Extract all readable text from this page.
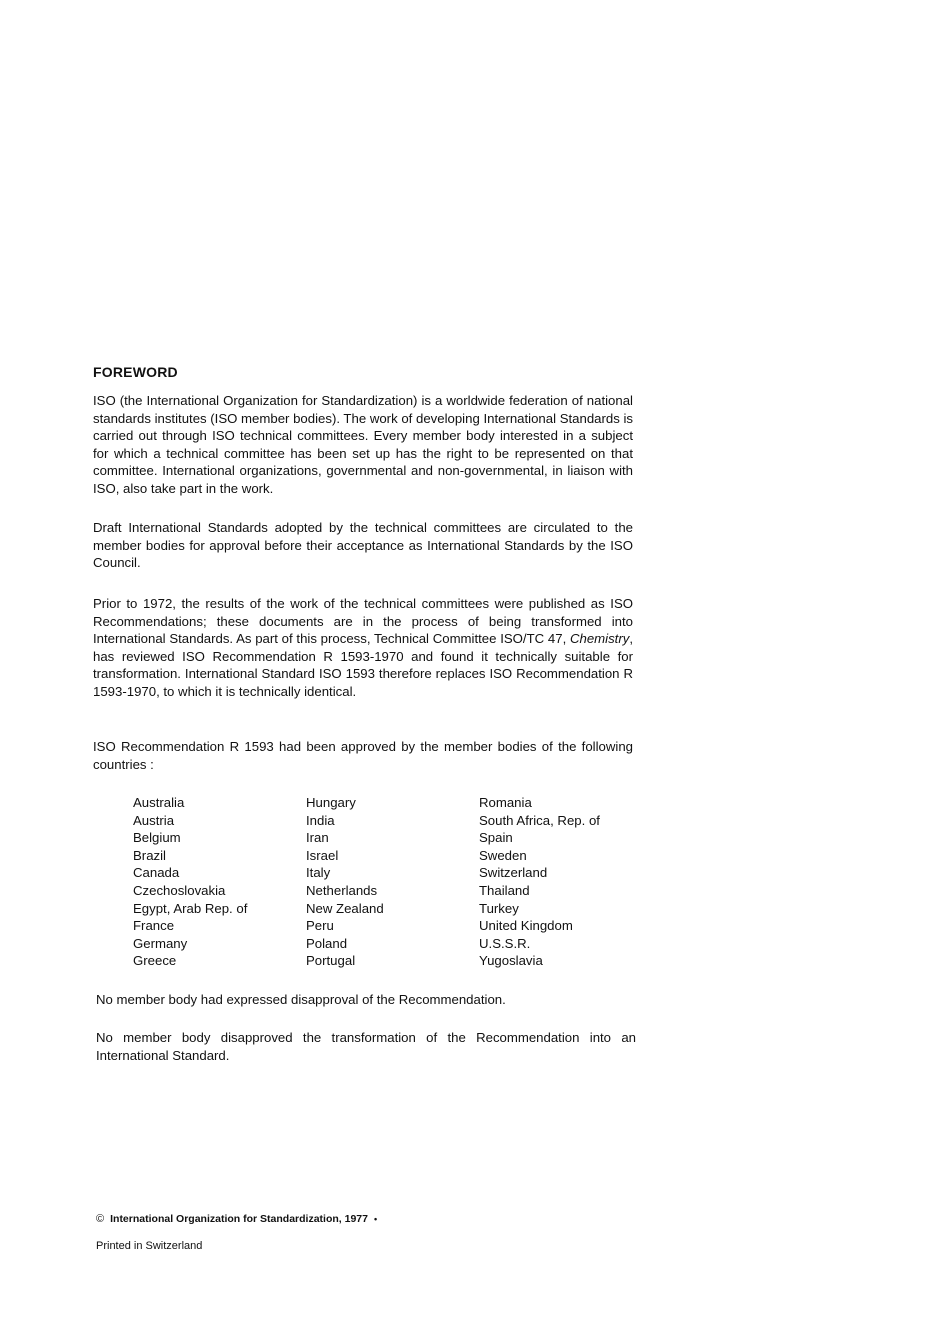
FOREWORD

ISO (the International Organization for Standardization) is a worldwide federation of national standards institutes (ISO member bodies). The work of developing International Standards is carried out through ISO technical committees. Every member body interested in a subject for which a technical committee has been set up has the right to be represented on that committee. International organizations, governmental and non-governmental, in liaison with ISO, also take part in the work.

Draft International Standards adopted by the technical committees are circulated to the member bodies for approval before their acceptance as International Standards by the ISO Council.

Prior to 1972, the results of the work of the technical committees were published as ISO Recommendations; these documents are in the process of being transformed into International Standards. As part of this process, Technical Committee ISO/TC 47, Chemistry, has reviewed ISO Recommendation R 1593-1970 and found it technically suitable for transformation. International Standard ISO 1593 therefore replaces ISO Recommendation R 1593-1970, to which it is technically identical.

ISO Recommendation R 1593 had been approved by the member bodies of the following countries :

Australia
Austria
Belgium
Brazil
Canada
Czechoslovakia
Egypt, Arab Rep. of
France
Germany
Greece
Hungary
India
Iran
Israel
Italy
Netherlands
New Zealand
Peru
Poland
Portugal
Romania
South Africa, Rep. of
Spain
Sweden
Switzerland
Thailand
Turkey
United Kingdom
U.S.S.R.
Yugoslavia

No member body had expressed disapproval of the Recommendation.

No member body disapproved the transformation of the Recommendation into an International Standard.

© International Organization for Standardization, 1977 •

Printed in Switzerland
